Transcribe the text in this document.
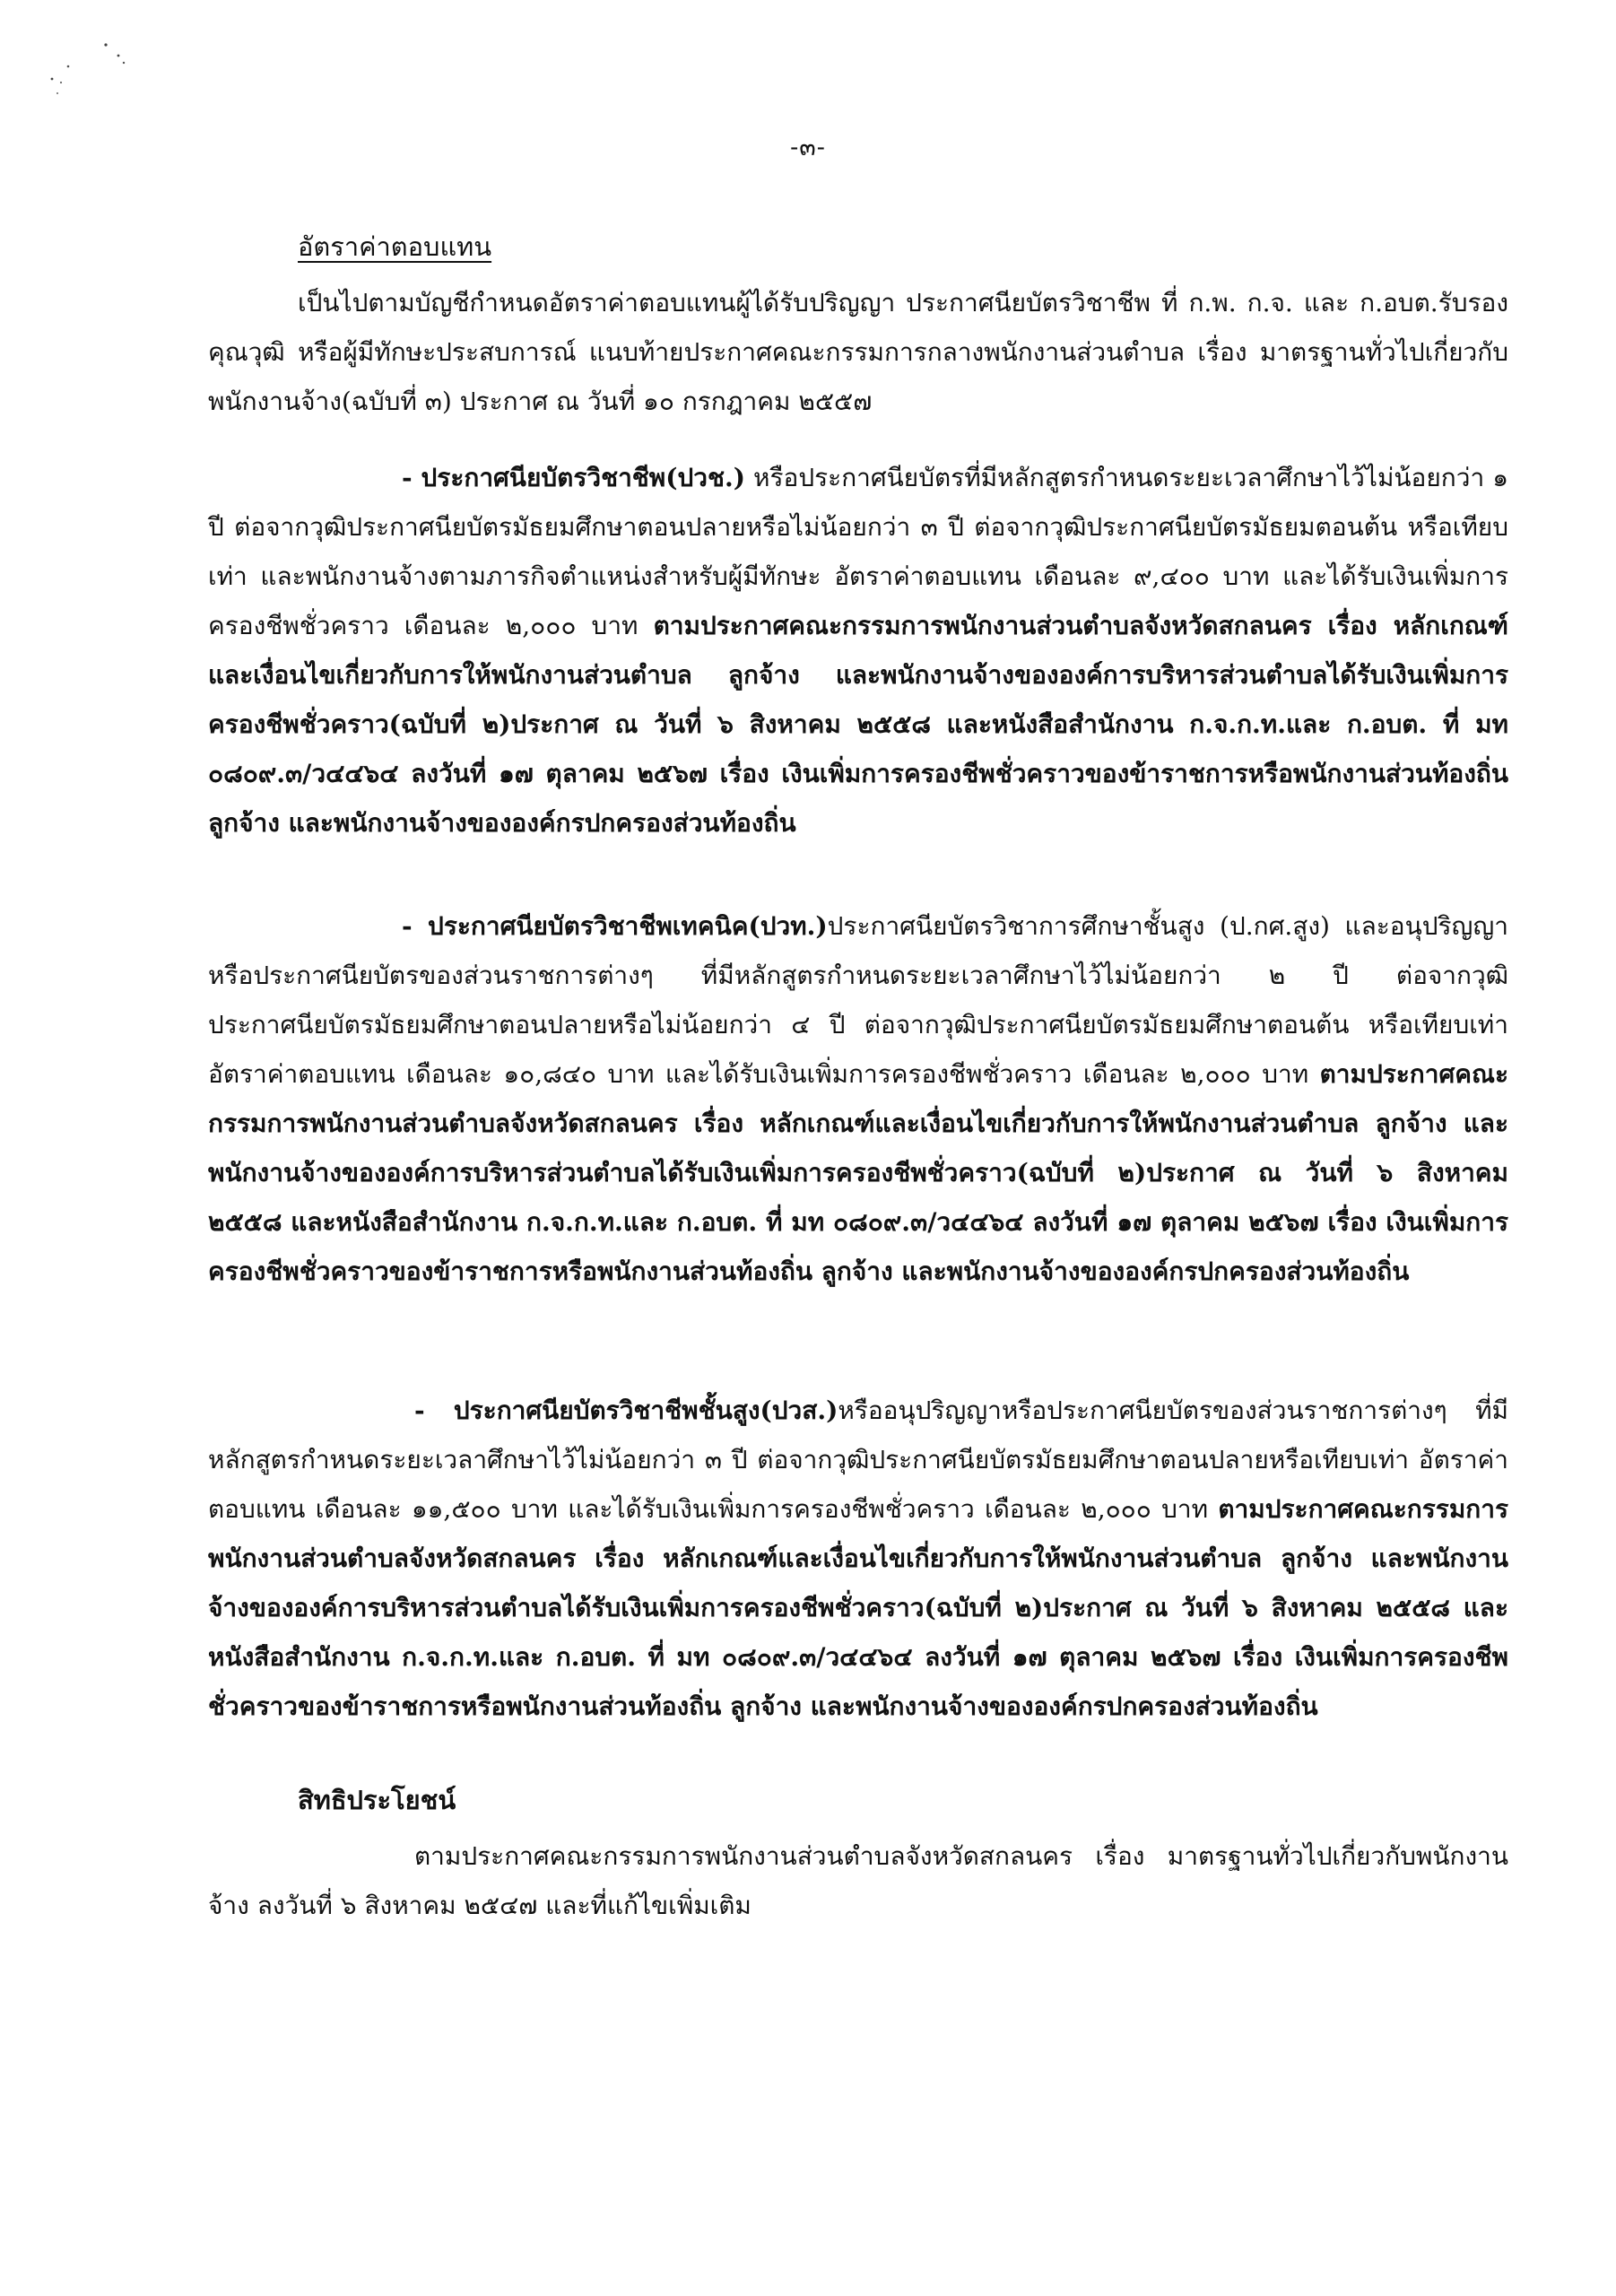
-๓-
อัตราค่าตอบแทน

เป็นไปตามบัญชีกำหนดอัตราค่าตอบแทนผู้ได้รับปริญญา ประกาศนียบัตรวิชาชีพ ที่ ก.พ. ก.จ. และ ก.อบต.รับรองคุณวุฒิ หรือผู้มีทักษะประสบการณ์ แนบท้ายประกาศคณะกรรมการกลางพนักงานส่วนตำบล เรื่อง มาตรฐานทั่วไปเกี่ยวกับพนักงานจ้าง(ฉบับที่ ๓) ประกาศ ณ วันที่ ๑๐ กรกฎาคม ๒๕๕๗

- ประกาศนียบัตรวิชาชีพ(ปวช.) หรือประกาศนียบัตรที่มีหลักสูตรกำหนดระยะเวลาศึกษาไว้ไม่น้อยกว่า ๑ ปี ต่อจากวุฒิประกาศนียบัตรมัธยมศึกษาตอนปลายหรือไม่น้อยกว่า ๓ ปี ต่อจากวุฒิประกาศนียบัตรมัธยมตอนต้น หรือเทียบเท่า และพนักงานจ้างตามภารกิจตำแหน่งสำหรับผู้มีทักษะ อัตราค่าตอบแทน เดือนละ ๙,๔๐๐ บาท และได้รับเงินเพิ่มการครองชีพชั่วคราว เดือนละ ๒,๐๐๐ บาท ตามประกาศคณะกรรมการพนักงานส่วนตำบลจังหวัดสกลนคร เรื่อง หลักเกณฑ์และเงื่อนไขเกี่ยวกับการให้พนักงานส่วนตำบล ลูกจ้าง และพนักงานจ้างขององค์การบริหารส่วนตำบลได้รับเงินเพิ่มการครองชีพชั่วคราว(ฉบับที่ ๒)ประกาศ ณ วันที่ ๖ สิงหาคม ๒๕๕๘ และหนังสือสำนักงาน ก.จ.ก.ท.และ ก.อบต. ที่ มท ๐๘๐๙.๓/ว๔๔๖๔ ลงวันที่ ๑๗ ตุลาคม ๒๕๖๗ เรื่อง เงินเพิ่มการครองชีพชั่วคราวของข้าราชการหรือพนักงานส่วนท้องถิ่น ลูกจ้าง และพนักงานจ้างขององค์กรปกครองส่วนท้องถิ่น

- ประกาศนียบัตรวิชาชีพเทคนิค(ปวท.)ประกาศนียบัตรวิชาการศึกษาชั้นสูง (ป.กศ.สูง) และอนุปริญญาหรือประกาศนียบัตรของส่วนราชการต่างๆ ที่มีหลักสูตรกำหนดระยะเวลาศึกษาไว้ไม่น้อยกว่า ๒ ปี ต่อจากวุฒิประกาศนียบัตรมัธยมศึกษาตอนปลายหรือไม่น้อยกว่า ๔ ปี ต่อจากวุฒิประกาศนียบัตรมัธยมศึกษาตอนต้น หรือเทียบเท่า อัตราค่าตอบแทน เดือนละ ๑๐,๘๔๐ บาท และได้รับเงินเพิ่มการครองชีพชั่วคราว เดือนละ ๒,๐๐๐ บาท ตามประกาศคณะกรรมการพนักงานส่วนตำบลจังหวัดสกลนคร เรื่อง หลักเกณฑ์และเงื่อนไขเกี่ยวกับการให้พนักงานส่วนตำบล ลูกจ้าง และพนักงานจ้างขององค์การบริหารส่วนตำบลได้รับเงินเพิ่มการครองชีพชั่วคราว(ฉบับที่ ๒)ประกาศ ณ วันที่ ๖ สิงหาคม ๒๕๕๘ และหนังสือสำนักงาน ก.จ.ก.ท.และ ก.อบต. ที่ มท ๐๘๐๙.๓/ว๔๔๖๔ ลงวันที่ ๑๗ ตุลาคม ๒๕๖๗ เรื่อง เงินเพิ่มการครองชีพชั่วคราวของข้าราชการหรือพนักงานส่วนท้องถิ่น ลูกจ้าง และพนักงานจ้างขององค์กรปกครองส่วนท้องถิ่น

- ประกาศนียบัตรวิชาชีพชั้นสูง(ปวส.)หรืออนุปริญญาหรือประกาศนียบัตรของส่วนราชการต่างๆ ที่มีหลักสูตรกำหนดระยะเวลาศึกษาไว้ไม่น้อยกว่า ๓ ปี ต่อจากวุฒิประกาศนียบัตรมัธยมศึกษาตอนปลายหรือเทียบเท่า อัตราค่าตอบแทน เดือนละ ๑๑,๕๐๐ บาท และได้รับเงินเพิ่มการครองชีพชั่วคราว เดือนละ ๒,๐๐๐ บาท ตามประกาศคณะกรรมการพนักงานส่วนตำบลจังหวัดสกลนคร เรื่อง หลักเกณฑ์และเงื่อนไขเกี่ยวกับการให้พนักงานส่วนตำบล ลูกจ้าง และพนักงานจ้างขององค์การบริหารส่วนตำบลได้รับเงินเพิ่มการครองชีพชั่วคราว(ฉบับที่ ๒)ประกาศ ณ วันที่ ๖ สิงหาคม ๒๕๕๘ และหนังสือสำนักงาน ก.จ.ก.ท.และ ก.อบต. ที่ มท ๐๘๐๙.๓/ว๔๔๖๔ ลงวันที่ ๑๗ ตุลาคม ๒๕๖๗ เรื่อง เงินเพิ่มการครองชีพชั่วคราวของข้าราชการหรือพนักงานส่วนท้องถิ่น ลูกจ้าง และพนักงานจ้างขององค์กรปกครองส่วนท้องถิ่น

สิทธิประโยชน์

ตามประกาศคณะกรรมการพนักงานส่วนตำบลจังหวัดสกลนคร เรื่อง มาตรฐานทั่วไปเกี่ยวกับพนักงานจ้าง ลงวันที่ ๖ สิงหาคม ๒๕๔๗ และที่แก้ไขเพิ่มเติม
